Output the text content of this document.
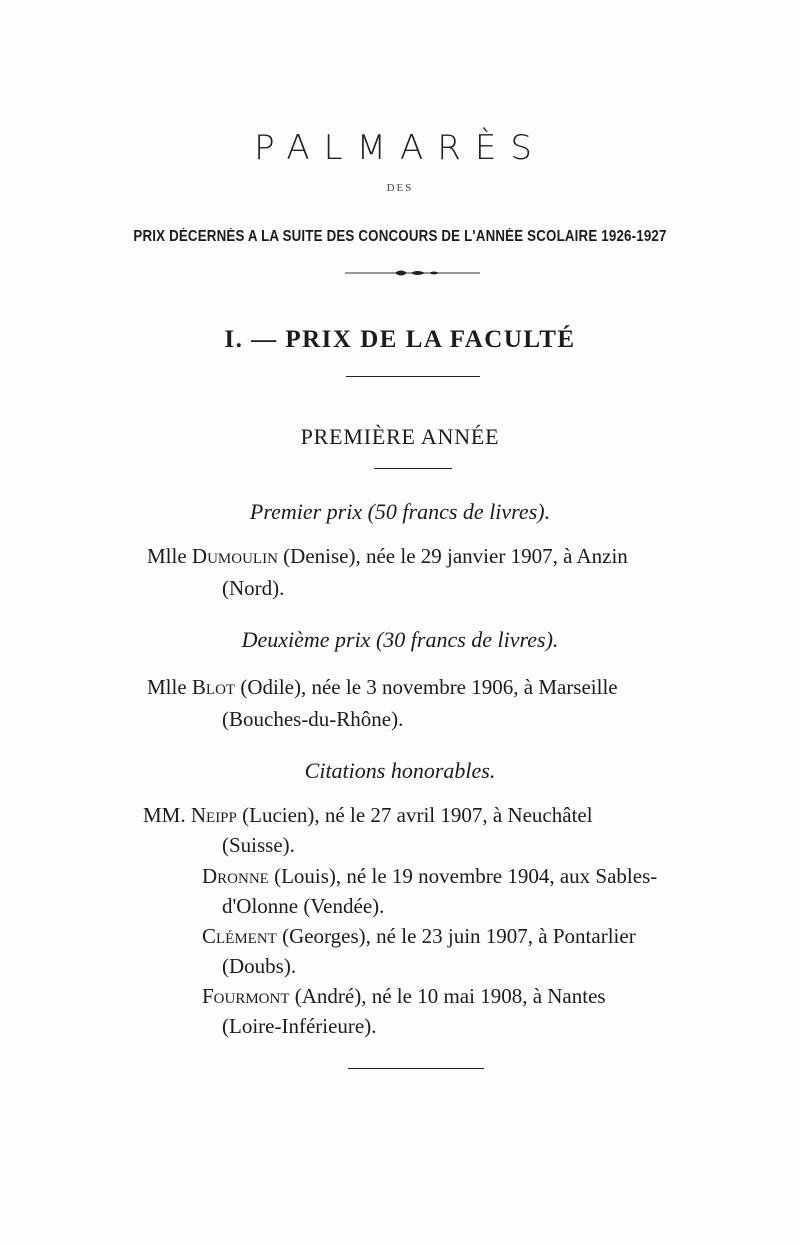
PALMARÈS
DES
PRIX DÉCERNÉS A LA SUITE DES CONCOURS DE L'ANNÉE SCOLAIRE 1926-1927
I. — PRIX DE LA FACULTÉ
PREMIÈRE ANNÉE
Premier prix (50 francs de livres).
Mlle Dumoulin (Denise), née le 29 janvier 1907, à Anzin
(Nord).
Deuxième prix (30 francs de livres).
Mlle Blot (Odile), née le 3 novembre 1906, à Marseille
(Bouches-du-Rhône).
Citations honorables.
MM. Neipp (Lucien), né le 27 avril 1907, à Neuchâtel
(Suisse).
Dronne (Louis), né le 19 novembre 1904, aux Sables-
d'Olonne (Vendée).
Clément (Georges), né le 23 juin 1907, à Pontarlier
(Doubs).
Fourmont (André), né le 10 mai 1908, à Nantes
(Loire-Inférieure).
